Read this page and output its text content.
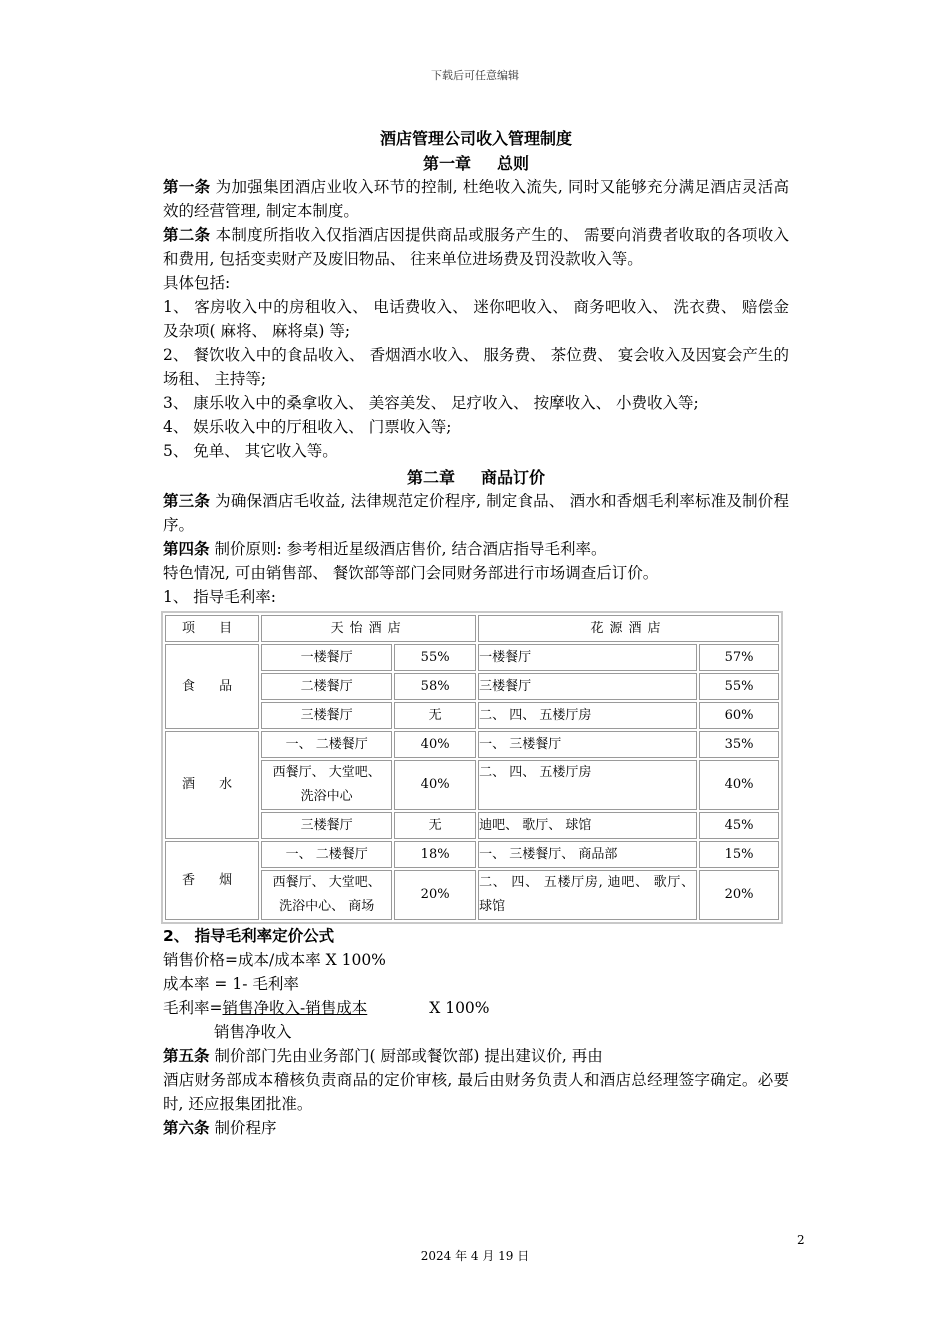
下载后可任意编辑
酒店管理公司收入管理制度
第一章 总则
第一条 为加强集团酒店业收入环节的控制, 杜绝收入流失, 同时又能够充分满足酒店灵活高效的经营管理, 制定本制度。
第二条 本制度所指收入仅指酒店因提供商品或服务产生的、 需要向消费者收取的各项收入和费用, 包括变卖财产及废旧物品、 往来单位进场费及罚没款收入等。
具体包括:
1、 客房收入中的房租收入、 电话费收入、 迷你吧收入、 商务吧收入、 洗衣费、 赔偿金及杂项( 麻将、 麻将桌) 等;
2、 餐饮收入中的食品收入、 香烟酒水收入、 服务费、 茶位费、 宴会收入及因宴会产生的场租、 主持等;
3、 康乐收入中的桑拿收入、 美容美发、 足疗收入、 按摩收入、 小费收入等;
4、 娱乐收入中的厅租收入、 门票收入等;
5、 免单、 其它收入等。
第二章 商品订价
第三条 为确保酒店毛收益, 法律规范定价程序, 制定食品、 酒水和香烟毛利率标准及制价程序。
第四条 制价原则: 参考相近星级酒店售价, 结合酒店指导毛利率。
特色情况, 可由销售部、 餐饮部等部门会同财务部进行市场调查后订价。
1、 指导毛利率:
项 目	天怡酒店		花源酒店	
食 品	一楼餐厅	55%	一楼餐厅	57%
	二楼餐厅	58%	三楼餐厅	55%
	三楼餐厅	无	二、 四、 五楼厅房	60%
酒 水	一、 二楼餐厅	40%	一、 三楼餐厅	35%
	西餐厅、 大堂吧、 洗浴中心	40%	二、 四、 五楼厅房	40%
	三楼餐厅	无	迪吧、 歌厅、 球馆	45%
香 烟	一、 二楼餐厅	18%	一、 三楼餐厅、 商品部	15%
	西餐厅、 大堂吧、 洗浴中心、 商场	20%	二、 四、 五楼厅房, 迪吧、 歌厅、 球馆	20%
2、 指导毛利率定价公式
销售价格=成本/成本率 X 100%
成本率 = 1- 毛利率
毛利率=销售净收入-销售成本	X 100%
销售净收入
第五条 制价部门先由业务部门( 厨部或餐饮部) 提出建议价, 再由
酒店财务部成本稽核负责商品的定价审核, 最后由财务负责人和酒店总经理签字确定。必要时, 还应报集团批准。
第六条 制价程序
2
2024 年 4 月 19 日
